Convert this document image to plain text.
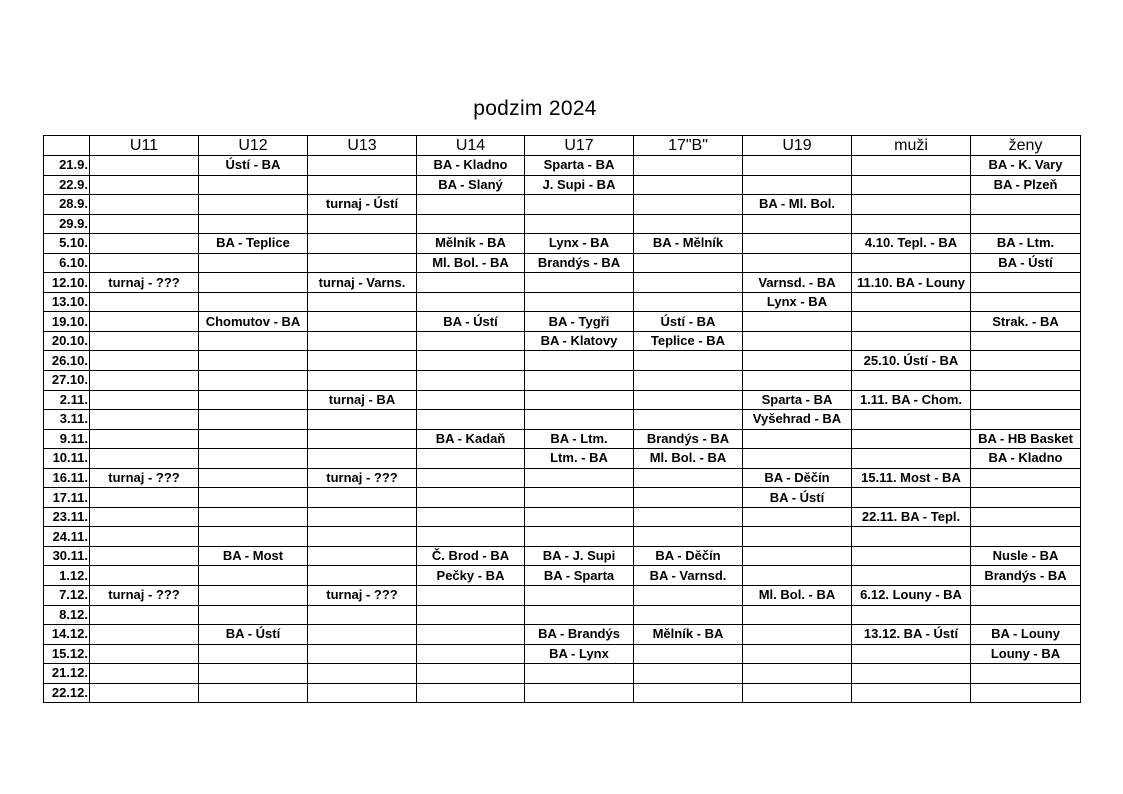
podzim 2024
	U11	U12	U13	U14	U17	17"B"	U19	muži	ženy
21.9.		Ústí - BA		BA - Kladno	Sparta - BA				BA - K. Vary
22.9.				BA - Slaný	J. Supi - BA				BA - Plzeň
28.9.			turnaj - Ústí				BA - Ml. Bol.		
29.9.									
5.10.		BA - Teplice		Mělník - BA	Lynx - BA	BA - Mělník		4.10. Tepl. - BA	BA - Ltm.
6.10.				Ml. Bol. - BA	Brandýs - BA				BA - Ústí
12.10.	turnaj - ???		turnaj - Varns.				Varnsd. - BA	11.10. BA - Louny	
13.10.							Lynx - BA		
19.10.		Chomutov - BA		BA - Ústí	BA - Tygři	Ústí - BA			Strak. - BA
20.10.					BA - Klatovy	Teplice - BA			
26.10.								25.10. Ústí - BA	
27.10.									
2.11.			turnaj - BA				Sparta - BA	1.11. BA - Chom.	
3.11.							Vyšehrad - BA		
9.11.				BA - Kadaň	BA - Ltm.	Brandýs - BA			BA - HB Basket
10.11.					Ltm. - BA	Ml. Bol. - BA			BA - Kladno
16.11.	turnaj - ???		turnaj - ???				BA - Děčín	15.11. Most - BA	
17.11.							BA - Ústí		
23.11.								22.11. BA - Tepl.	
24.11.									
30.11.		BA - Most		Č. Brod - BA	BA - J. Supi	BA - Děčín			Nusle - BA
1.12.				Pečky - BA	BA - Sparta	BA - Varnsd.			Brandýs - BA
7.12.	turnaj - ???		turnaj - ???				Ml. Bol. - BA	6.12. Louny - BA	
8.12.									
14.12.		BA - Ústí			BA - Brandýs	Mělník - BA		13.12. BA - Ústí	BA - Louny
15.12.					BA - Lynx				Louny - BA
21.12.									
22.12.									
